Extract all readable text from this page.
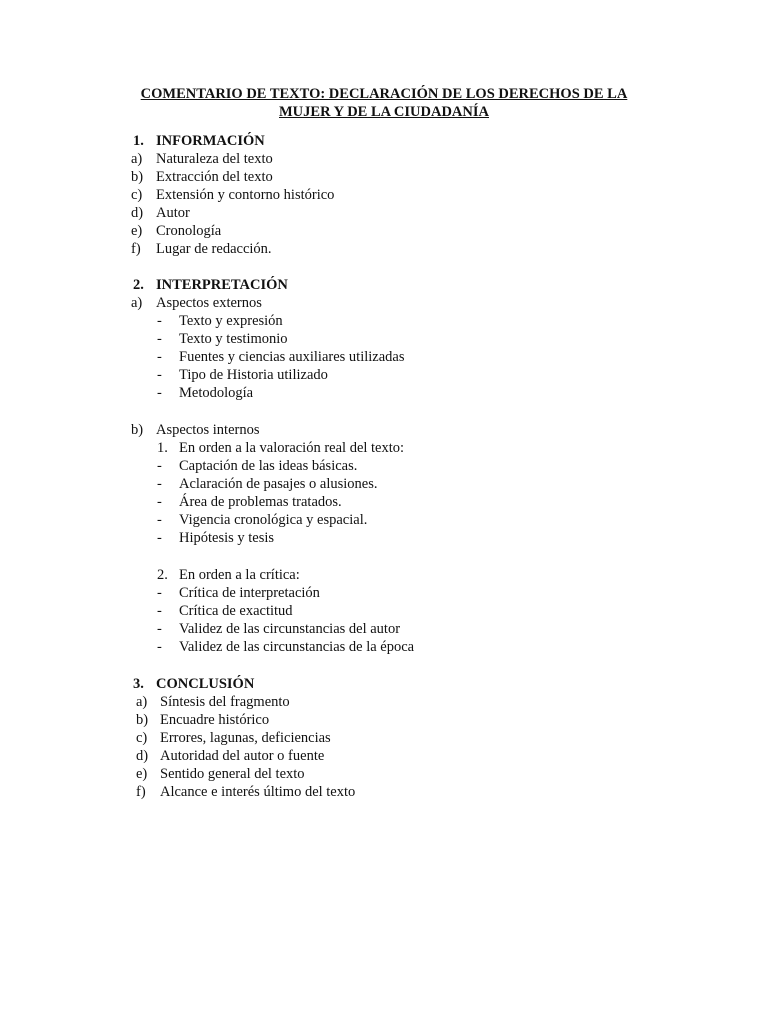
COMENTARIO DE TEXTO: DECLARACIÓN DE LOS DERECHOS DE LA
MUJER Y DE LA CIUDADANÍA
1. INFORMACIÓN
a) Naturaleza del texto
b) Extracción del texto
c) Extensión y contorno histórico
d) Autor
e) Cronología
f) Lugar de redacción.
2. INTERPRETACIÓN
a) Aspectos externos
- Texto y expresión
- Texto y testimonio
- Fuentes y ciencias auxiliares utilizadas
- Tipo de Historia utilizado
- Metodología
b) Aspectos internos
1. En orden a la valoración real del texto:
- Captación de las ideas básicas.
- Aclaración de pasajes o alusiones.
- Área de problemas tratados.
- Vigencia cronológica y espacial.
- Hipótesis y tesis
2. En orden a la crítica:
- Crítica de interpretación
- Crítica de exactitud
- Validez de las circunstancias del autor
- Validez de las circunstancias de la época
3. CONCLUSIÓN
a) Síntesis del fragmento
b) Encuadre histórico
c) Errores, lagunas, deficiencias
d) Autoridad del autor o fuente
e) Sentido general del texto
f) Alcance e interés último del texto
